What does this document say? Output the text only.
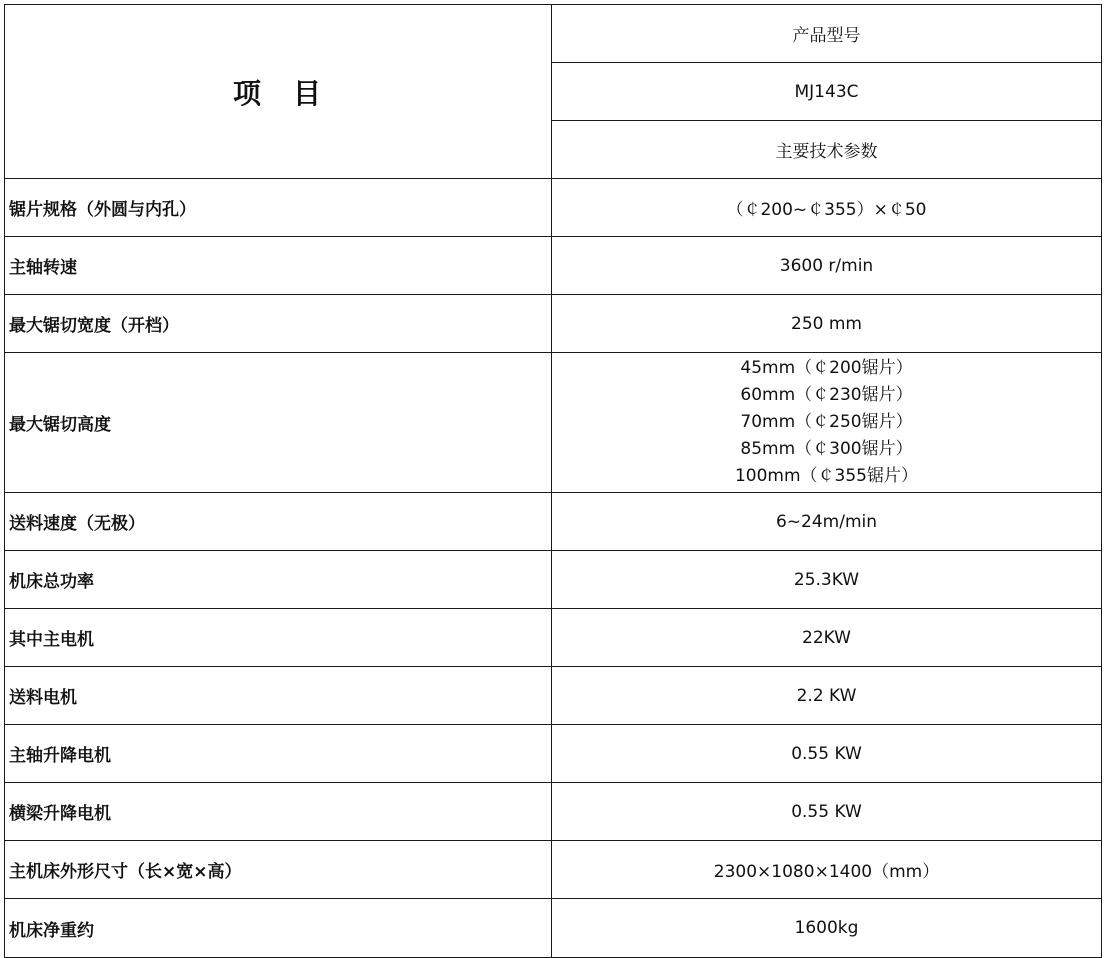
项　目	产品型号
	MJ143C
	主要技术参数
锯片规格（外圆与内孔）	（￠200~￠355）×￠50
主轴转速	3600 r/min
最大锯切宽度（开档）	250 mm
最大锯切高度	45mm（￠200锯片）
60mm（￠230锯片）
70mm（￠250锯片）
85mm（￠300锯片）
100mm（￠355锯片）

送料速度（无极）	6~24m/min
机床总功率	25.3KW
其中主电机	22KW
送料电机	2.2 KW
主轴升降电机	0.55 KW
横梁升降电机	0.55 KW
主机床外形尺寸（长×宽×高）	2300×1080×1400（mm）
机床净重约	1600kg
